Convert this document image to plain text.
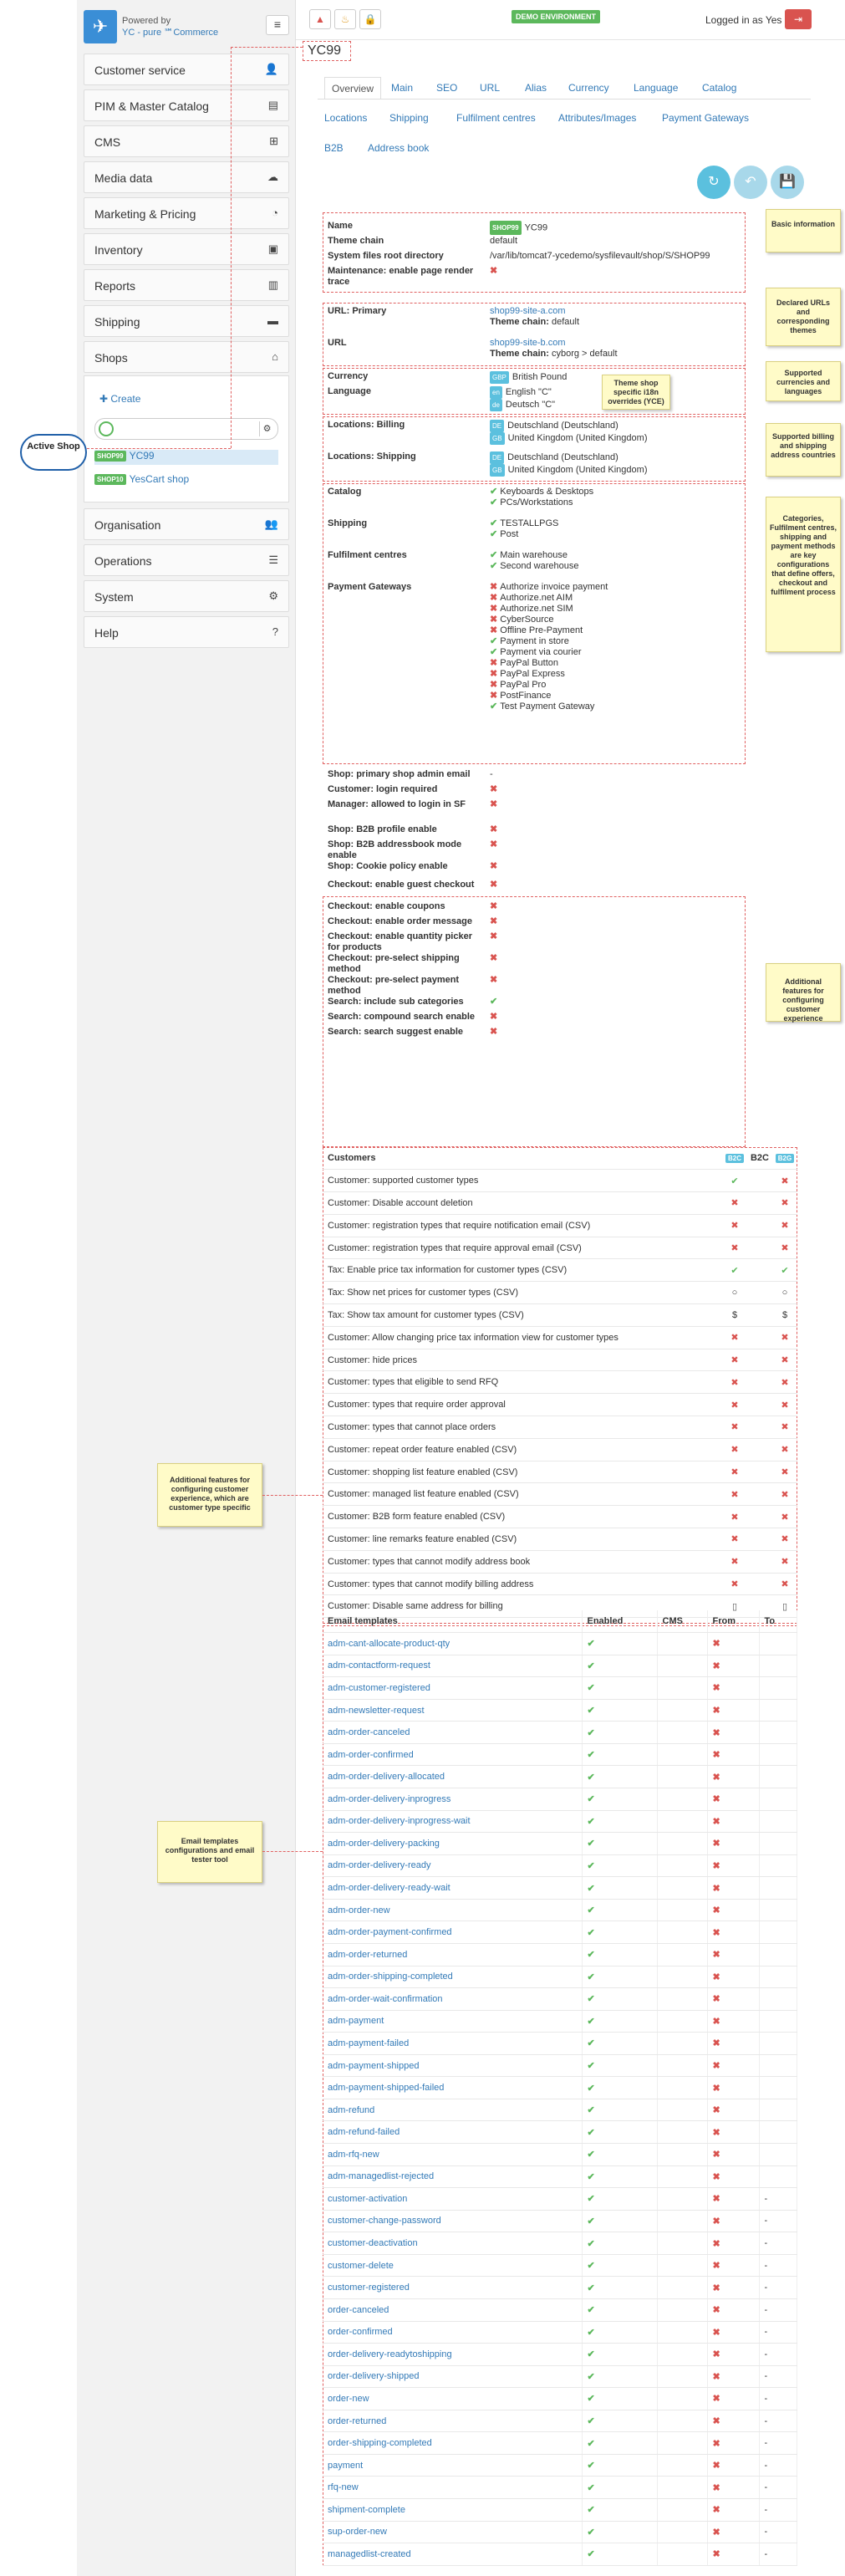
✈	Powered by
YC - pure ℠Commerce
≡
Customer service	👤
PIM & Master Catalog	▤
CMS	⊞
Media data	☁
Marketing & Pricing	◔
Inventory	▣
Reports	▥
Shipping	▬
Shops	⌂
✚ Create
⚙
SHOP99 YC99
SHOP10 YesCart shop
Organisation	👥
Operations	☰
System	⚙
Help	?
Active Shop
▲	♨	🔒	DEMO ENVIRONMENT	Logged in as Yes	⇥
YC99
Overview	Main SEO URL Alias Currency Language Catalog
Locations Shipping	Fulfilment centres Attributes/Images	Payment Gateways
B2B Address book
↻	↶	💾
Name	SHOP99 YC99
Theme chain	default
System files root directory	/var/lib/tomcat7-ycedemo/sysfilevault/shop/S/SHOP99
Maintenance: enable page render trace
✖
URL: Primary	shop99-site-a.com
Theme chain: default
URL	shop99-site-b.com
Theme chain: cyborg > default
Currency	GBP British Pound
Language	en English "C"
de Deutsch "C"
Locations: Billing	DE Deutschland (Deutschland)
GB United Kingdom (United Kingdom)
Locations: Shipping	DE Deutschland (Deutschland)
GB United Kingdom (United Kingdom)
Catalog	✔ Keyboards & Desktops
✔ PCs/Workstations

Shipping	✔ TESTALLPGS
✔ Post

Fulfilment centres	✔ Main warehouse
✔ Second warehouse

Payment Gateways	✖ Authorize invoice payment
✖ Authorize.net AIM
✖ Authorize.net SIM
✖ CyberSource
✖ Offline Pre-Payment
✔ Payment in store
✔ Payment via courier
✖ PayPal Button
✖ PayPal Express
✖ PayPal Pro
✖ PostFinance
✔ Test Payment Gateway

Shop: primary shop admin email	-
Customer: login required	✖
Manager: allowed to login in SF	✖
Shop: B2B profile enable	✖
Shop: B2B addressbook mode enable
✖
Shop: Cookie policy enable	✖
Checkout: enable guest checkout	✖
Checkout: enable coupons	✖
Checkout: enable order message	✖
Checkout: enable quantity picker for products
✖
Checkout: pre-select shipping method
✖
Checkout: pre-select payment method
✖
Search: include sub categories	✔
Search: compound search enable	✖
Search: search suggest enable	✖
Basic information
Declared URLs and corresponding themes
Theme shop specific i18n overrides (YCE)
Supported currencies and languages
Supported billing and shipping address countries
Categories, Fulfilment centres, shipping and payment methods are key configurations that define offers, checkout and fulfilment process
Additional features for configuring customer experience
Additional features for configuring customer experience, which are customer type specific
Email templates configurations and email tester tool
Customers	B2C	B2C	B2G
Customer: supported customer types	✔		✖
Customer: Disable account deletion	✖		✖
Customer: registration types that require notification email (CSV)	✖		✖
Customer: registration types that require approval email (CSV)	✖		✖
Tax: Enable price tax information for customer types (CSV)	✔		✔
Tax: Show net prices for customer types (CSV)	○		○
Tax: Show tax amount for customer types (CSV)	$		$
Customer: Allow changing price tax information view for customer types	✖		✖
Customer: hide prices	✖		✖
Customer: types that eligible to send RFQ	✖		✖
Customer: types that require order approval	✖		✖
Customer: types that cannot place orders	✖		✖
Customer: repeat order feature enabled (CSV)	✖		✖
Customer: shopping list feature enabled (CSV)	✖		✖
Customer: managed list feature enabled (CSV)	✖		✖
Customer: B2B form feature enabled (CSV)	✖		✖
Customer: line remarks feature enabled (CSV)	✖		✖
Customer: types that cannot modify address book	✖		✖
Customer: types that cannot modify billing address	✖		✖
Customer: Disable same address for billing	▯		▯
Email templates	Enabled	CMS	From	To
adm-cant-allocate-product-qty	✔		✖	
adm-contactform-request	✔		✖	
adm-customer-registered	✔		✖	
adm-newsletter-request	✔		✖	
adm-order-canceled	✔		✖	
adm-order-confirmed	✔		✖	
adm-order-delivery-allocated	✔		✖	
adm-order-delivery-inprogress	✔		✖	
adm-order-delivery-inprogress-wait	✔		✖	
adm-order-delivery-packing	✔		✖	
adm-order-delivery-ready	✔		✖	
adm-order-delivery-ready-wait	✔		✖	
adm-order-new	✔		✖	
adm-order-payment-confirmed	✔		✖	
adm-order-returned	✔		✖	
adm-order-shipping-completed	✔		✖	
adm-order-wait-confirmation	✔		✖	
adm-payment	✔		✖	
adm-payment-failed	✔		✖	
adm-payment-shipped	✔		✖	
adm-payment-shipped-failed	✔		✖	
adm-refund	✔		✖	
adm-refund-failed	✔		✖	
adm-rfq-new	✔		✖	
adm-managedlist-rejected	✔		✖	
customer-activation	✔		✖	-
customer-change-password	✔		✖	-
customer-deactivation	✔		✖	-
customer-delete	✔		✖	-
customer-registered	✔		✖	-
order-canceled	✔		✖	-
order-confirmed	✔		✖	-
order-delivery-readytoshipping	✔		✖	-
order-delivery-shipped	✔		✖	-
order-new	✔		✖	-
order-returned	✔		✖	-
order-shipping-completed	✔		✖	-
payment	✔		✖	-
rfq-new	✔		✖	-
shipment-complete	✔		✖	-
sup-order-new	✔		✖	-
managedlist-created	✔		✖	-
